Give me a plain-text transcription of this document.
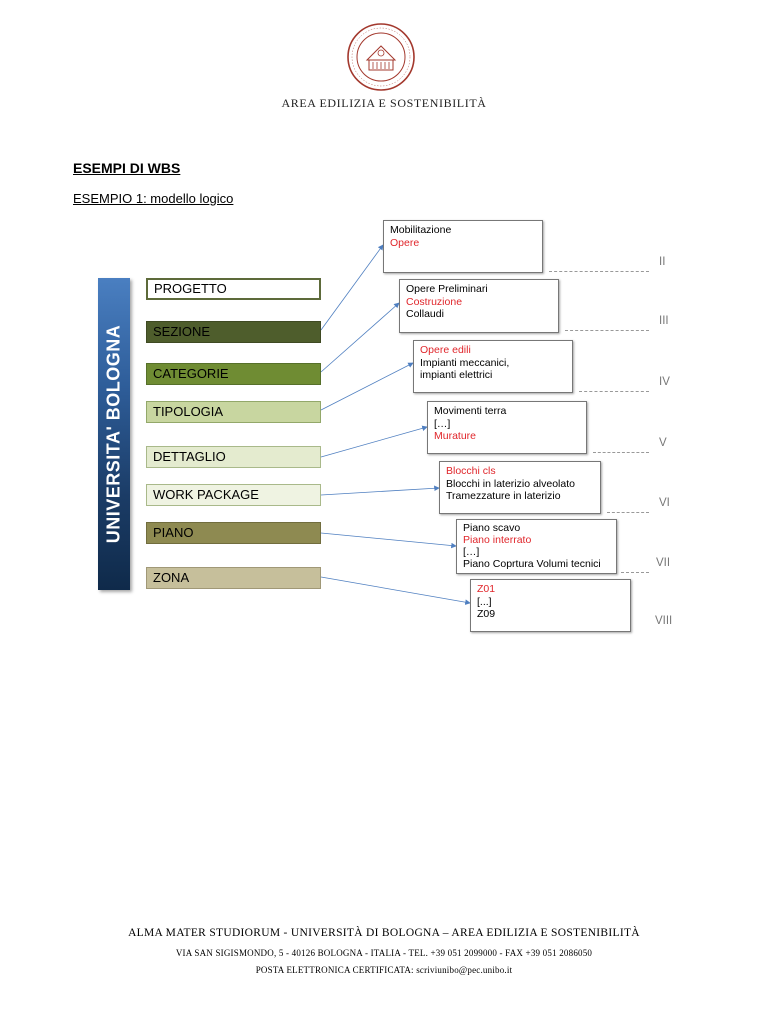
AREA EDILIZIA E SOSTENIBILITÀ
ESEMPI DI WBS
ESEMPIO 1: modello logico
UNIVERSITA' BOLOGNA
PROGETTO
SEZIONE
CATEGORIE
TIPOLOGIA
DETTAGLIO
WORK PACKAGE
PIANO
ZONA
Mobilitazione
Opere
II
Opere Preliminari
Costruzione
Collaudi
III
Opere edili
Impianti meccanici,
impianti elettrici
IV
Movimenti terra
[…]
Murature
V
Blocchi cls
Blocchi in laterizio alveolato
Tramezzature in laterizio
VI
Piano scavo
Piano interrato
[…]
Piano Coprtura Volumi tecnici	VII
Z01
[...]
Z09
VIII
ALMA MATER STUDIORUM - UNIVERSITÀ DI BOLOGNA – AREA EDILIZIA E SOSTENIBILITÀ
VIA SAN SIGISMONDO, 5 - 40126 BOLOGNA - ITALIA - TEL. +39 051 2099000 - FAX +39 051 2086050
POSTA ELETTRONICA CERTIFICATA: scriviunibo@pec.unibo.it
